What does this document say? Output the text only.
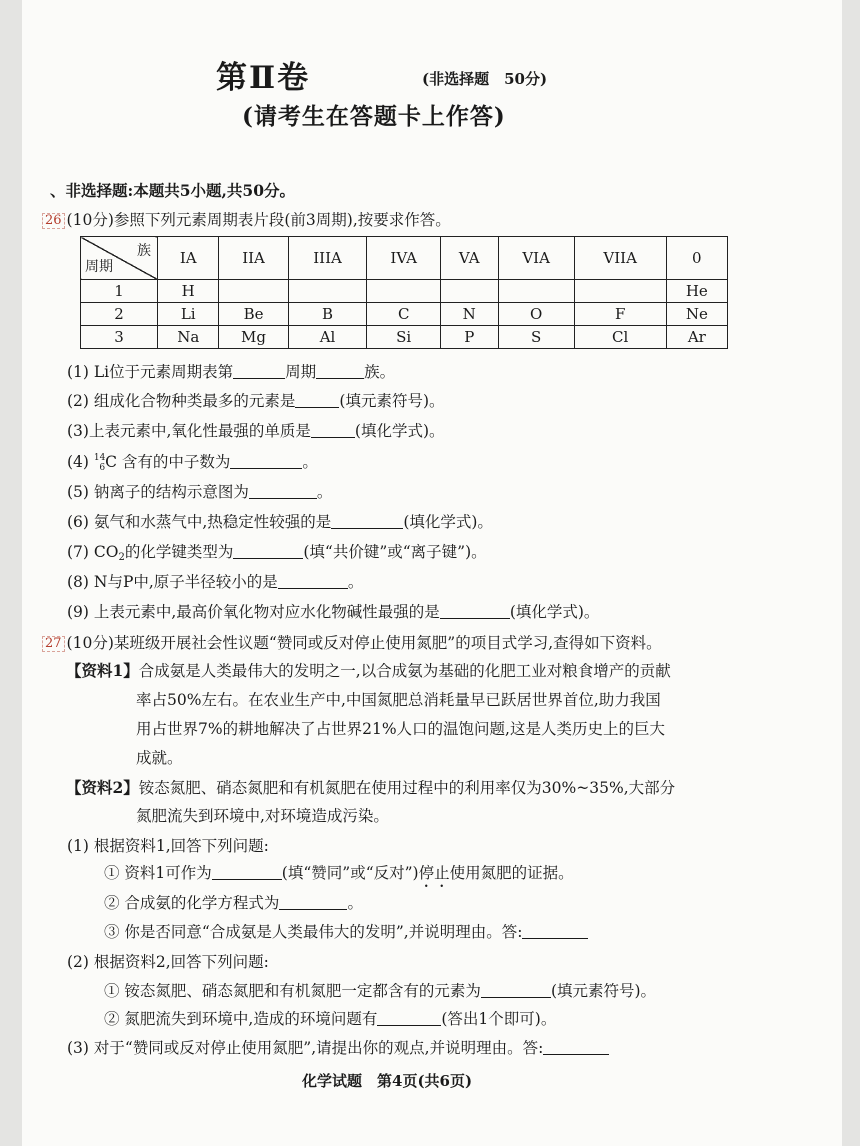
第Ⅱ卷	(非选择题　50分)
(请考生在答题卡上作答)
、非选择题:本题共5小题,共50分。
26 (10分)参照下列元素周期表片段(前3周期),按要求作答。
族
周期	IA	IIA	IIIA	IVA	VA	VIA	VIIA	0
1	H							He
2	Li	Be	B	C	N	O	F	Ne
3	Na	Mg	Al	Si	P	S	Cl	Ar
(1) Li位于元素周期表第	周期	族。
(2) 组成化合物种类最多的元素是	(填元素符号)。
(3)上表元素中,氧化性最强的单质是	(填化学式)。
(4) $^{14}$6C 含有的中子数为	。
(5) 钠离子的结构示意图为	。
(6) 氨气和水蒸气中,热稳定性较强的是	(填化学式)。
(7) CO2的化学键类型为	(填“共价键”或“离子键”)。
(8) N与P中,原子半径较小的是	。
(9) 上表元素中,最高价氧化物对应水化物碱性最强的是	(填化学式)。
27 (10分)某班级开展社会性议题“赞同或反对停止使用氮肥”的项目式学习,查得如下资料。
【资料1】合成氨是人类最伟大的发明之一,以合成氨为基础的化肥工业对粮食增产的贡献
率占50%左右。在农业生产中,中国氮肥总消耗量早已跃居世界首位,助力我国
用占世界7%的耕地解决了占世界21%人口的温饱问题,这是人类历史上的巨大
成就。
【资料2】铵态氮肥、硝态氮肥和有机氮肥在使用过程中的利用率仅为30%~35%,大部分
氮肥流失到环境中,对环境造成污染。
(1) 根据资料1,回答下列问题:
① 资料1可作为	(填“赞同”或“反对”)停止使用氮肥的证据。
② 合成氨的化学方程式为	。
③ 你是否同意“合成氨是人类最伟大的发明”,并说明理由。答:
(2) 根据资料2,回答下列问题:
① 铵态氮肥、硝态氮肥和有机氮肥一定都含有的元素为	(填元素符号)。
② 氮肥流失到环境中,造成的环境问题有	(答出1个即可)。
(3) 对于“赞同或反对停止使用氮肥”,请提出你的观点,并说明理由。答:
化学试题　第4页(共6页)
